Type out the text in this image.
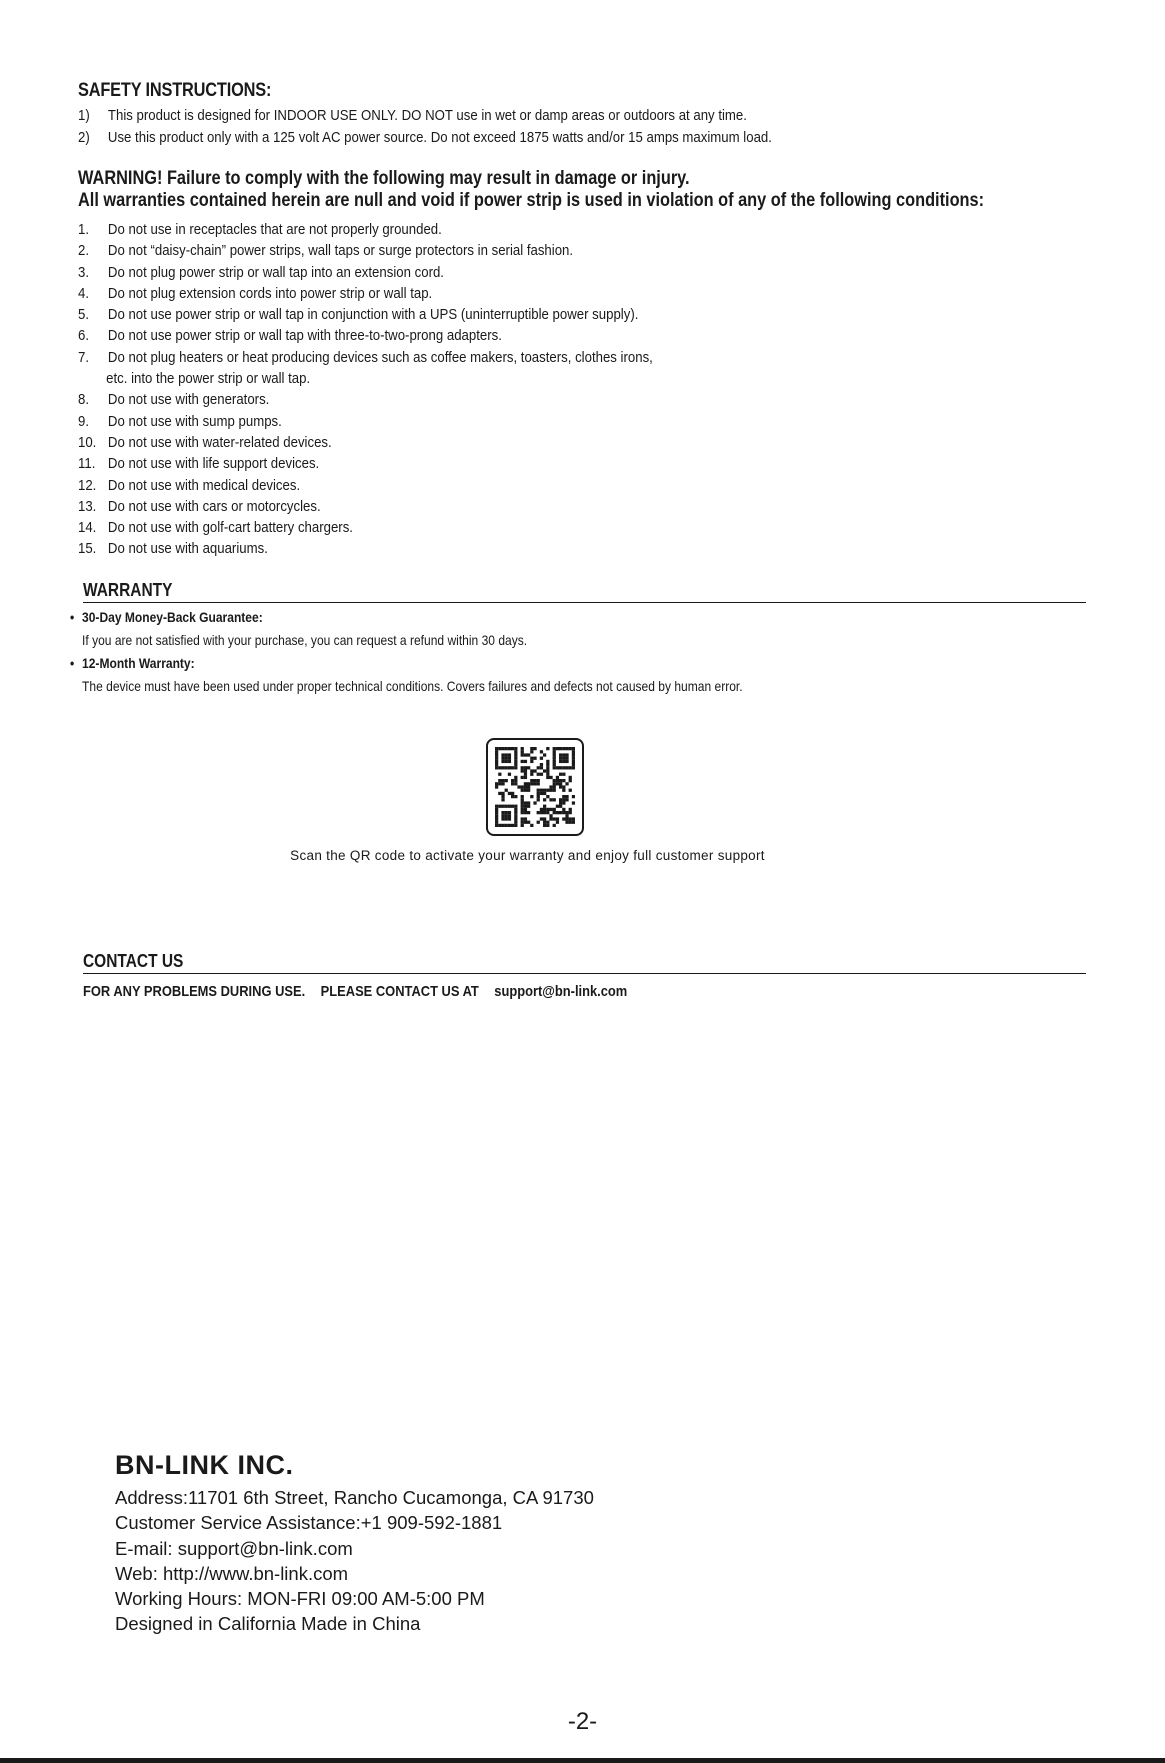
SAFETY INSTRUCTIONS:
1)	This product is designed for INDOOR USE ONLY. DO NOT use in wet or damp areas or outdoors at any time.
2)	Use this product only with a 125 volt AC power source. Do not exceed 1875 watts and/or 15 amps maximum load.
WARNING! Failure to comply with the following may result in damage or injury.
All warranties contained herein are null and void if power strip is used in violation of any of the following conditions:
1.	Do not use in receptacles that are not properly grounded.
2.	Do not “daisy-chain” power strips, wall taps or surge protectors in serial fashion.
3.	Do not plug power strip or wall tap into an extension cord.
4.	Do not plug extension cords into power strip or wall tap.
5.	Do not use power strip or wall tap in conjunction with a UPS (uninterruptible power supply).
6.	Do not use power strip or wall tap with three-to-two-prong adapters.
7.	Do not plug heaters or heat producing devices such as coffee makers, toasters, clothes irons,
etc. into the power strip or wall tap.
8.	Do not use with generators.
9.	Do not use with sump pumps.
10. Do not use with water-related devices.
11. Do not use with life support devices.
12. Do not use with medical devices.
13. Do not use with cars or motorcycles.
14. Do not use with golf-cart battery chargers.
15. Do not use with aquariums.
WARRANTY
• 30-Day Money-Back Guarantee:
If you are not satisfied with your purchase, you can request a refund within 30 days.
• 12-Month Warranty:
The device must have been used under proper technical conditions. Covers failures and defects not caused by human error.
Scan the QR code to activate your warranty and enjoy full customer support
CONTACT US
FOR ANY PROBLEMS DURING USE. PLEASE CONTACT US AT support@bn-link.com
BN-LINK INC.
Address:11701 6th Street, Rancho Cucamonga, CA 91730
Customer Service Assistance:+1 909-592-1881
E-mail: support@bn-link.com
Web: http://www.bn-link.com
Working Hours: MON-FRI 09:00 AM-5:00 PM
Designed in California Made in China
-2-
